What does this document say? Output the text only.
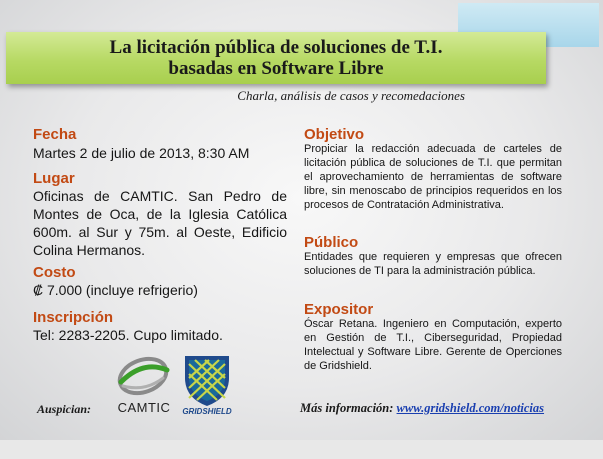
La licitación pública de soluciones de T.I.
basadas en Software Libre
Charla, análisis de casos y recomedaciones
Fecha
Martes 2 de julio de 2013, 8:30 AM
Lugar
Oficinas de CAMTIC. San Pedro de Montes de Oca, de la Iglesia Católica 600m. al Sur y 75m. al Oeste, Edificio Colina Hermanos.
Costo
₡ 7.000 (incluye refrigerio)
Inscripción
Tel: 2283-2205. Cupo limitado.
Objetivo
Propiciar la redacción adecuada de carteles de licitación pública de soluciones de T.I. que permitan el aprovechamiento de herramientas de software libre, sin menoscabo de principios requeridos en los procesos de Contratación Administrativa.
Público
Entidades que requieren y empresas que ofrecen soluciones de TI para la administración pública.
Expositor
Óscar Retana. Ingeniero en Computación, experto en Gestión de T.I., Ciberseguridad, Propiedad Intelectual y Software Libre. Gerente de Operciones de Gridshield.
CAMTIC	GRIDSHIELD
Auspician:	Más información: www.gridshield.com/noticias
